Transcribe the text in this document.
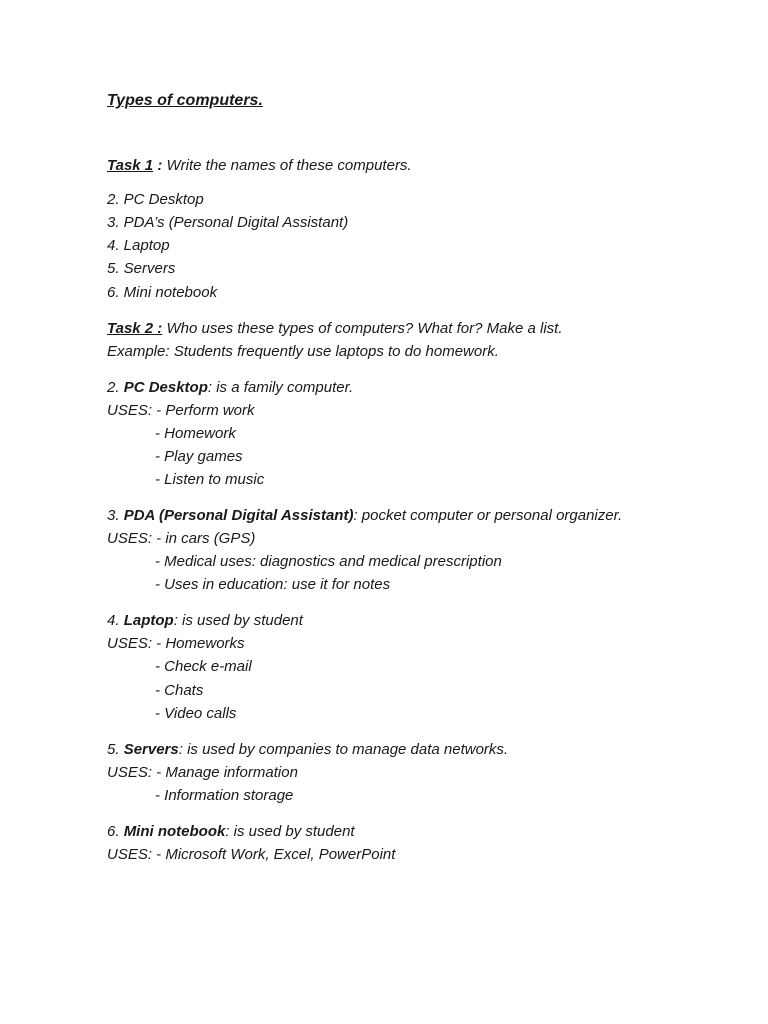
Types of computers.
Task 1 : Write the names of these computers.
2. PC Desktop
3. PDA’s (Personal Digital Assistant)
4. Laptop
5. Servers
6. Mini notebook
Task 2 : Who uses these types of computers? What for? Make a list.
Example: Students frequently use laptops to do homework.
2. PC Desktop: is a family computer.
USES: - Perform work
- Homework
- Play games
- Listen to music
3. PDA (Personal Digital Assistant): pocket computer or personal organizer.
USES: - in cars (GPS)
- Medical uses: diagnostics and medical prescription
- Uses in education: use it for notes
4. Laptop: is used by student
USES: - Homeworks
- Check e-mail
- Chats
- Video calls
5. Servers: is used by companies to manage data networks.
USES: - Manage information
- Information storage
6. Mini notebook: is used by student
USES: - Microsoft Work, Excel, PowerPoint
